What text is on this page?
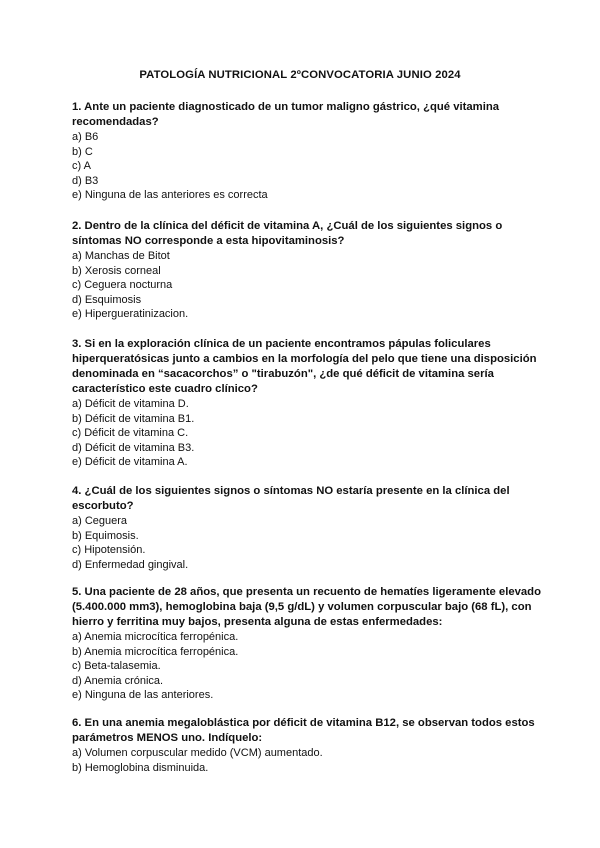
PATOLOGÍA NUTRICIONAL 2ºCONVOCATORIA JUNIO 2024

1. Ante un paciente diagnosticado de un tumor maligno gástrico, ¿qué vitamina recomendadas?

a) B6

b) C

c) A

d) B3

e) Ninguna de las anteriores es correcta

2. Dentro de la clínica del déficit de vitamina A, ¿Cuál de los siguientes signos o síntomas NO corresponde a esta hipovitaminosis?

a) Manchas de Bitot

b) Xerosis corneal

c) Ceguera nocturna

d) Esquimosis

e) Hipergueratinizacion.

3. Si en la exploración clínica de un paciente encontramos pápulas foliculares hiperqueratósicas junto a cambios en la morfología del pelo que tiene una disposición denominada en “sacacorchos” o "tirabuzón", ¿de qué déficit de vitamina sería característico este cuadro clínico?

a) Déficit de vitamina D.

b) Déficit de vitamina B1.

c) Déficit de vitamina C.

d) Déficit de vitamina B3.

e) Déficit de vitamina A.

4. ¿Cuál de los siguientes signos o síntomas NO estaría presente en la clínica del escorbuto?

a) Ceguera

b) Equimosis.

c) Hipotensión.

d) Enfermedad gingival.

5. Una paciente de 28 años, que presenta un recuento de hematíes ligeramente elevado (5.400.000 mm3), hemoglobina baja (9,5 g/dL) y volumen corpuscular bajo (68 fL), con hierro y ferritina muy bajos, presenta alguna de estas enfermedades:

a) Anemia microcítica ferropénica.

b) Anemia microcítica ferropénica.

c) Beta-talasemia.

d) Anemia crónica.

e) Ninguna de las anteriores.

6. En una anemia megaloblástica por déficit de vitamina B12, se observan todos estos parámetros MENOS uno. Indíquelo:

a) Volumen corpuscular medido (VCM) aumentado.

b) Hemoglobina disminuida.
